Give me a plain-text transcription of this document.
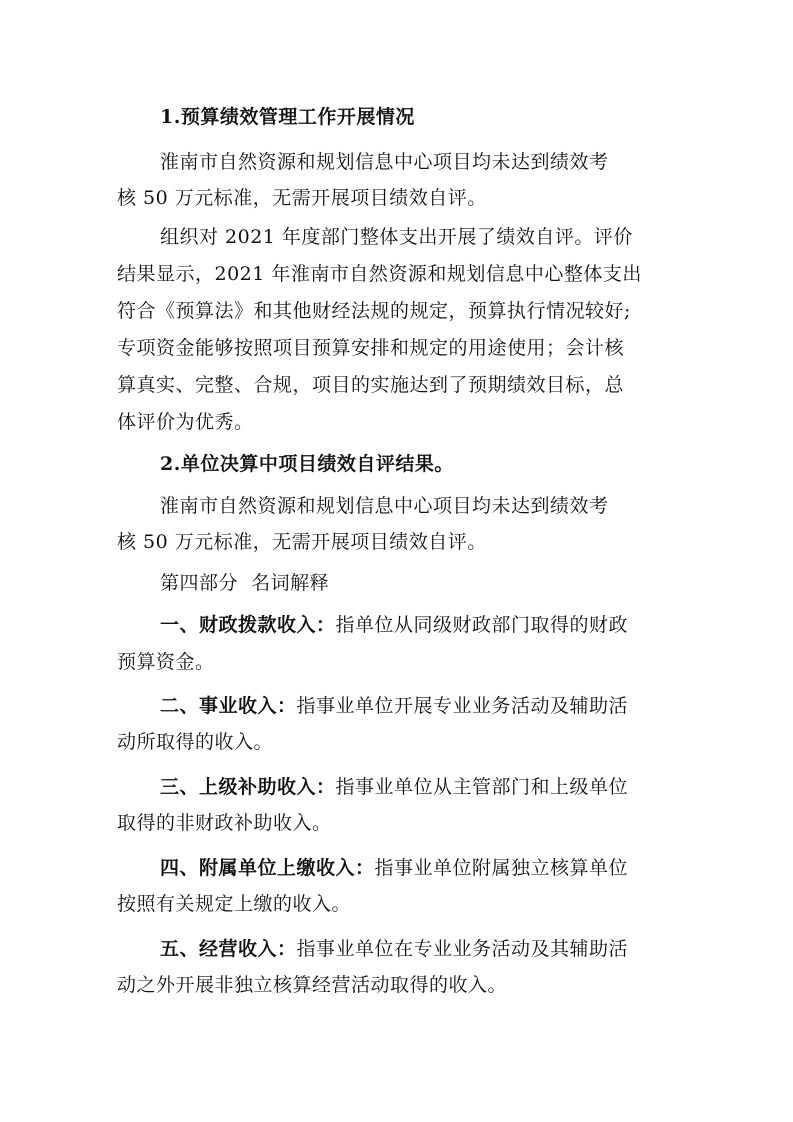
1.预算绩效管理工作开展情况
淮南市自然资源和规划信息中心项目均未达到绩效考
核 50 万元标准，无需开展项目绩效自评。
组织对 2021 年度部门整体支出开展了绩效自评。评价
结果显示，2021 年淮南市自然资源和规划信息中心整体支出
符合《预算法》和其他财经法规的规定，预算执行情况较好;
专项资金能够按照项目预算安排和规定的用途使用；会计核
算真实、完整、合规，项目的实施达到了预期绩效目标，总
体评价为优秀。
2.单位决算中项目绩效自评结果。
淮南市自然资源和规划信息中心项目均未达到绩效考
核 50 万元标准，无需开展项目绩效自评。
第四部分  名词解释
一、财政拨款收入：指单位从同级财政部门取得的财政
预算资金。
二、事业收入：指事业单位开展专业业务活动及辅助活
动所取得的收入。
三、上级补助收入：指事业单位从主管部门和上级单位
取得的非财政补助收入。
四、附属单位上缴收入：指事业单位附属独立核算单位
按照有关规定上缴的收入。
五、经营收入：指事业单位在专业业务活动及其辅助活
动之外开展非独立核算经营活动取得的收入。
